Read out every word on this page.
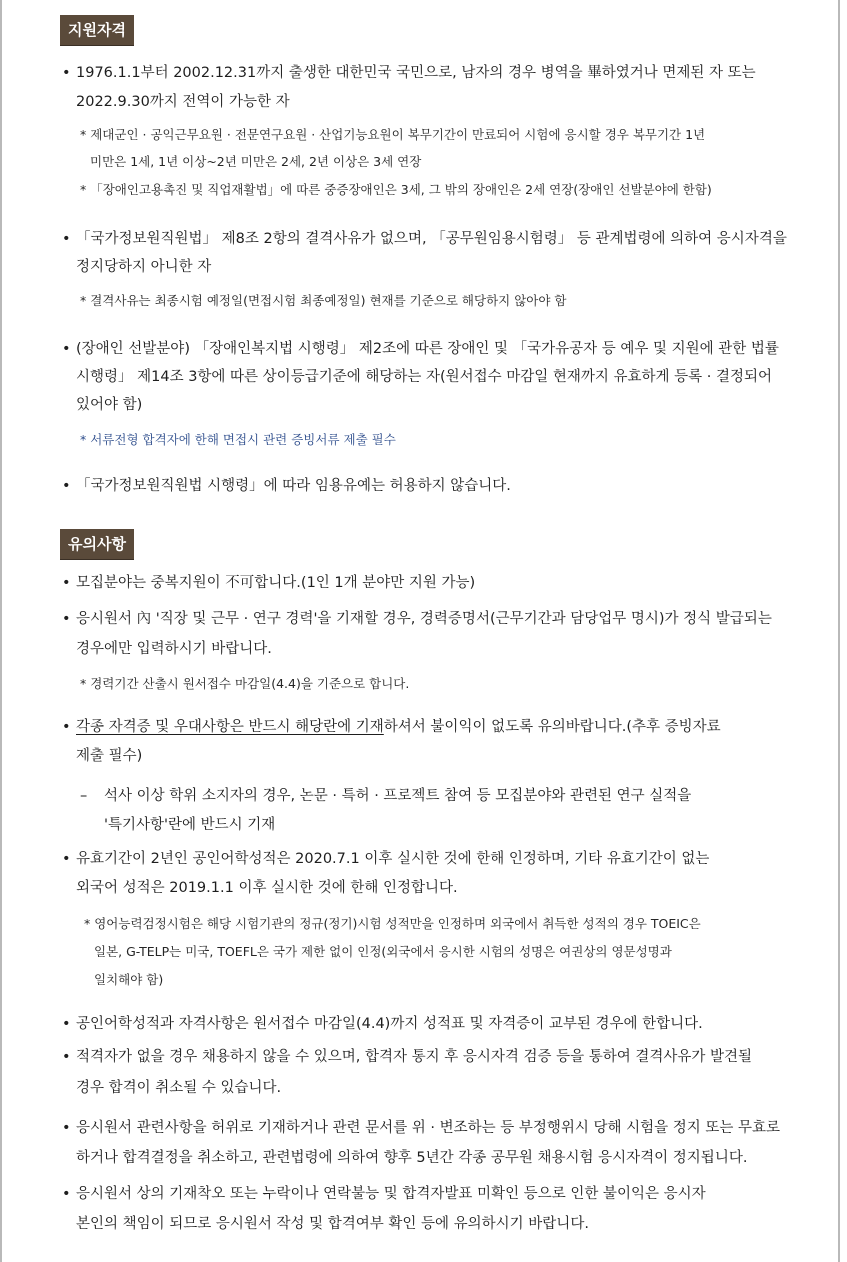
지원자격
• 1976.1.1부터 2002.12.31까지 출생한 대한민국 국민으로, 남자의 경우 병역을 畢하였거나 면제된 자 또는
2022.9.30까지 전역이 가능한 자
* 제대군인 · 공익근무요원 · 전문연구요원 · 산업기능요원이 복무기간이 만료되어 시험에 응시할 경우 복무기간 1년
미만은 1세, 1년 이상~2년 미만은 2세, 2년 이상은 3세 연장
* 「장애인고용촉진 및 직업재활법」에 따른 중증장애인은 3세, 그 밖의 장애인은 2세 연장(장애인 선발분야에 한함)
• 「국가정보원직원법」 제8조 2항의 결격사유가 없으며, 「공무원임용시험령」 등 관계법령에 의하여 응시자격을
정지당하지 아니한 자
* 결격사유는 최종시험 예정일(면접시험 최종예정일) 현재를 기준으로 해당하지 않아야 함
• (장애인 선발분야) 「장애인복지법 시행령」 제2조에 따른 장애인 및 「국가유공자 등 예우 및 지원에 관한 법률
시행령」 제14조 3항에 따른 상이등급기준에 해당하는 자(원서접수 마감일 현재까지 유효하게 등록 · 결정되어
있어야 함)
* 서류전형 합격자에 한해 면접시 관련 증빙서류 제출 필수
• 「국가정보원직원법 시행령」에 따라 임용유예는 허용하지 않습니다.
유의사항
• 모집분야는 중복지원이 不可합니다.(1인 1개 분야만 지원 가능)
• 응시원서 內 '직장 및 근무 · 연구 경력'을 기재할 경우, 경력증명서(근무기간과 담당업무 명시)가 정식 발급되는
경우에만 입력하시기 바랍니다.
* 경력기간 산출시 원서접수 마감일(4.4)을 기준으로 합니다.
• 각종 자격증 및 우대사항은 반드시 해당란에 기재하셔서 불이익이 없도록 유의바랍니다.(추후 증빙자료
제출 필수)
– 석사 이상 학위 소지자의 경우, 논문 · 특허 · 프로젝트 참여 등 모집분야와 관련된 연구 실적을
'특기사항'란에 반드시 기재
• 유효기간이 2년인 공인어학성적은 2020.7.1 이후 실시한 것에 한해 인정하며, 기타 유효기간이 없는
외국어 성적은 2019.1.1 이후 실시한 것에 한해 인정합니다.
* 영어능력검정시험은 해당 시험기관의 정규(정기)시험 성적만을 인정하며 외국에서 취득한 성적의 경우 TOEIC은
일본, G-TELP는 미국, TOEFL은 국가 제한 없이 인정(외국에서 응시한 시험의 성명은 여권상의 영문성명과
일치해야 함)
• 공인어학성적과 자격사항은 원서접수 마감일(4.4)까지 성적표 및 자격증이 교부된 경우에 한합니다.
• 적격자가 없을 경우 채용하지 않을 수 있으며, 합격자 통지 후 응시자격 검증 등을 통하여 결격사유가 발견될
경우 합격이 취소될 수 있습니다.
• 응시원서 관련사항을 허위로 기재하거나 관련 문서를 위 · 변조하는 등 부정행위시 당해 시험을 정지 또는 무효로
하거나 합격결정을 취소하고, 관련법령에 의하여 향후 5년간 각종 공무원 채용시험 응시자격이 정지됩니다.
• 응시원서 상의 기재착오 또는 누락이나 연락불능 및 합격자발표 미확인 등으로 인한 불이익은 응시자
본인의 책임이 되므로 응시원서 작성 및 합격여부 확인 등에 유의하시기 바랍니다.
